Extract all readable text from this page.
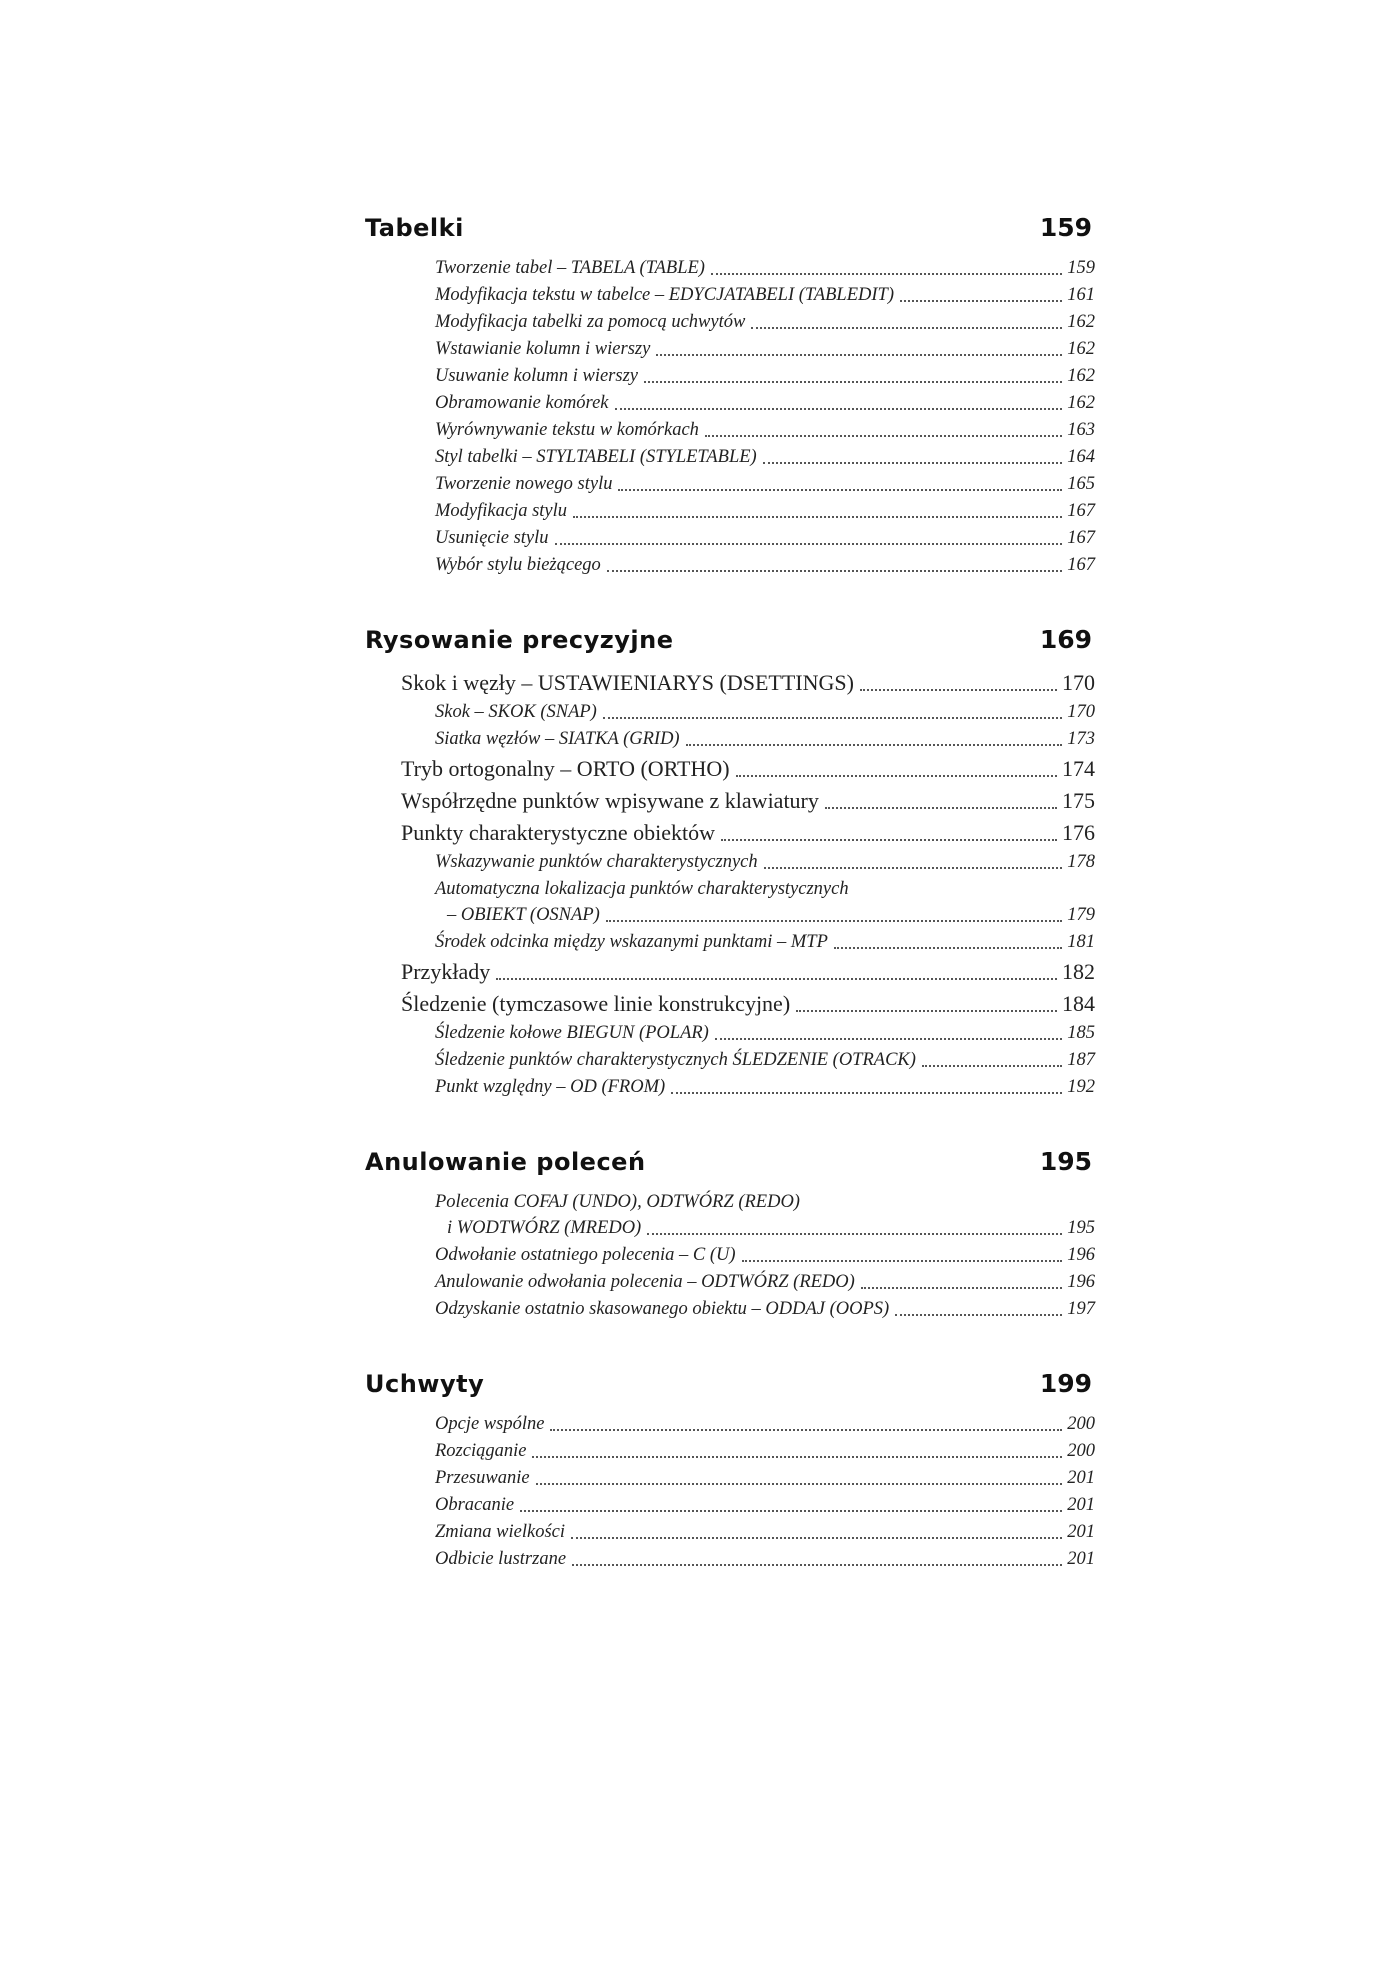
Tabelki	159
Tworzenie tabel – TABELA (TABLE)	159
Modyfikacja tekstu w tabelce – EDYCJATABELI (TABLEDIT)	161
Modyfikacja tabelki za pomocą uchwytów	162
Wstawianie kolumn i wierszy	162
Usuwanie kolumn i wierszy	162
Obramowanie komórek	162
Wyrównywanie tekstu w komórkach	163
Styl tabelki – STYLTABELI (STYLETABLE)	164
Tworzenie nowego stylu	165
Modyfikacja stylu	167
Usunięcie stylu	167
Wybór stylu bieżącego	167
Rysowanie precyzyjne	169
Skok i węzły – USTAWIENIARYS (DSETTINGS)	170
Skok – SKOK (SNAP)	170
Siatka węzłów – SIATKA (GRID)	173
Tryb ortogonalny – ORTO (ORTHO)	174
Współrzędne punktów wpisywane z klawiatury	175
Punkty charakterystyczne obiektów	176
Wskazywanie punktów charakterystycznych	178
Automatyczna lokalizacja punktów charakterystycznych
– OBIEKT (OSNAP)	179
Środek odcinka między wskazanymi punktami – MTP	181
Przykłady	182
Śledzenie (tymczasowe linie konstrukcyjne)	184
Śledzenie kołowe BIEGUN (POLAR)	185
Śledzenie punktów charakterystycznych ŚLEDZENIE (OTRACK)	187
Punkt względny – OD (FROM)	192
Anulowanie poleceń	195
Polecenia COFAJ (UNDO), ODTWÓRZ (REDO)
i WODTWÓRZ (MREDO)	195
Odwołanie ostatniego polecenia – C (U)	196
Anulowanie odwołania polecenia – ODTWÓRZ (REDO)	196
Odzyskanie ostatnio skasowanego obiektu – ODDAJ (OOPS)	197
Uchwyty	199
Opcje wspólne	200
Rozciąganie	200
Przesuwanie	201
Obracanie	201
Zmiana wielkości	201
Odbicie lustrzane	201
